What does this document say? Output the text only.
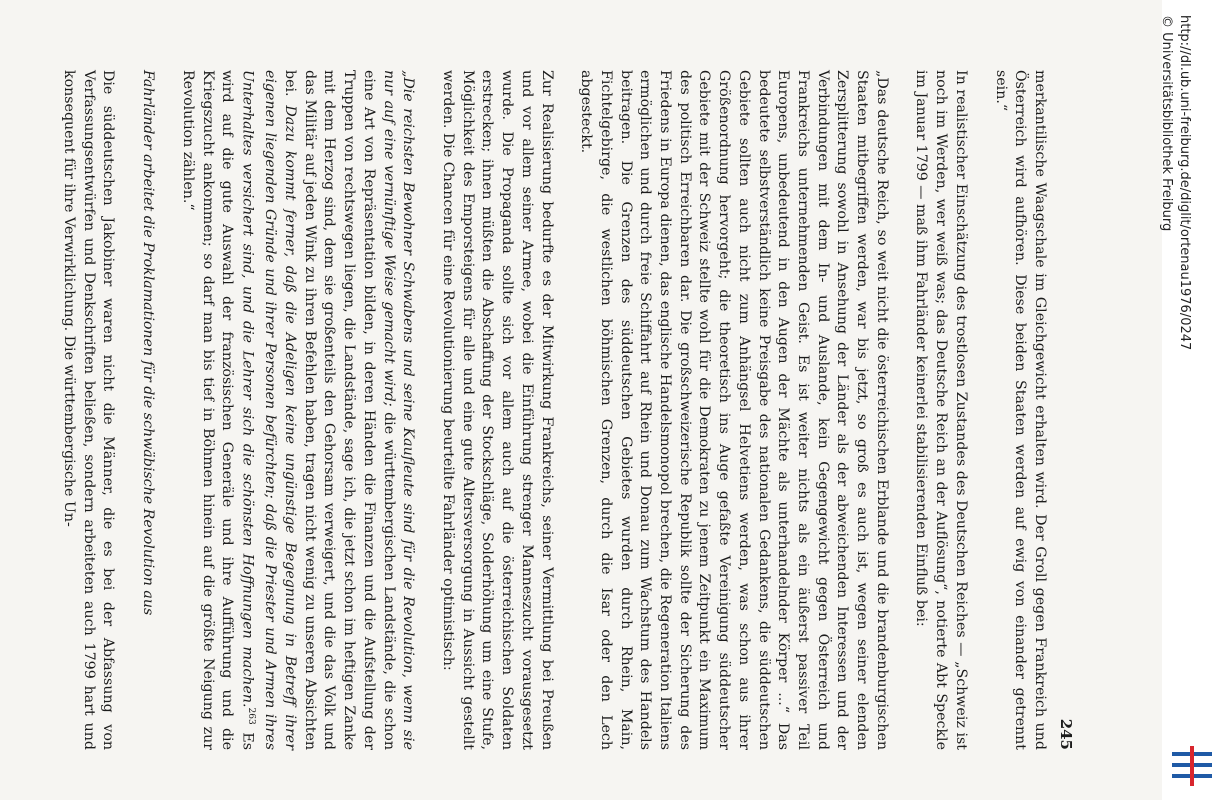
245

merkantilische Waagschale im Gleichgewicht erhalten wird. Der Groll gegen Frankreich und Österreich wird aufhören. Diese beiden Staaten werden auf ewig von einander getrennt sein.“

In realistischer Einschätzung des trostlosen Zustandes des Deutschen Reiches — „Schweiz ist noch im Werden, wer weiß was; das Deutsche Reich an der Auflösung“, notierte Abt Speckle im Januar 1799 — maß ihm Fahrländer keinerlei stabilisierenden Einfluß bei:

„Das deutsche Reich, so weit nicht die österreichischen Erblande und die brandenburgischen Staaten mitbegriffen werden, war bis jetzt, so groß es auch ist, wegen seiner elenden Zersplitterung sowohl in Ansehung der Länder als der abweichenden Interessen und der Verbindungen mit dem In- und Auslande, kein Gegengewicht gegen Österreich und Frankreichs unternehmenden Geist. Es ist weiter nichts als ein äußerst passiver Teil Europens, unbedeutend in den Augen der Mächte als unterhandelnder Körper ...“ Das bedeutete selbstverständlich keine Preisgabe des nationalen Gedankens, die süddeutschen Gebiete sollten auch nicht zum Anhängsel Helvetiens werden, was schon aus ihrer Größenordnung hervorgeht; die theoretisch ins Auge gefaßte Vereinigung süddeutscher Gebiete mit der Schweiz stellte wohl für die Demokraten zu jenem Zeitpunkt ein Maximum des politisch Erreichbaren dar. Die großschweizerische Republik sollte der Sicherung des Friedens in Europa dienen, das englische Handelsmonopol brechen, die Regeneration Italiens ermöglichen und durch freie Schiffahrt auf Rhein und Donau zum Wachstum des Handels beitragen. Die Grenzen des süddeutschen Gebietes wurden durch Rhein, Main, Fichtelgebirge, die westlichen böhmischen Grenzen, durch die Isar oder den Lech abgesteckt.

Zur Realisierung bedurfte es der Mitwirkung Frankreichs, seiner Vermittlung bei Preußen und vor allem seiner Armee, wobei die Einführung strenger Manneszucht vorausgesetzt wurde. Die Propaganda sollte sich vor allem auch auf die österreichischen Soldaten erstrecken; ihnen müßten die Abschaffung der Stockschläge, Solderhöhung um eine Stufe, Möglichkeit des Emporsteigens für alle und eine gute Altersversorgung in Aussicht gestellt werden. Die Chancen für eine Revolutionierung beurteilte Fahrländer optimistisch:

„Die reichsten Bewohner Schwabens und seine Kaufleute sind für die Revolution, wenn sie nur auf eine vernünftige Weise gemacht wird; die württembergischen Landstände, die schon eine Art von Repräsentation bilden, in deren Händen die Finanzen und die Aufstellung der Truppen von rechtswegen liegen, die Landstände, sage ich, die jetzt schon im heftigen Zanke mit dem Herzog sind, dem sie großenteils den Gehorsam verweigert, und die das Volk und das Militär auf jeden Wink zu ihren Befehlen haben, tragen nicht wenig zu unseren Absichten bei. Dazu kommt ferner, daß die Adeligen keine ungünstige Begegnung in Betreff ihrer eigenen liegenden Gründe und ihrer Personen befürchten; daß die Priester und Armen ihres Unterhaltes versichert sind, und die Lehrer sich die schönsten Hoffnungen machen.$^{263}$ Es wird auf die gute Auswahl der französischen Generäle und ihre Aufführung und die Kriegszucht ankommen; so darf man bis tief in Böhmen hinein auf die größte Neigung zur Revolution zählen.“

Fahrländer arbeitet die Proklamationen für die schwäbische Revolution aus

Die süddeutschen Jakobiner waren nicht die Männer, die es bei der Abfassung von Verfassungsentwürfen und Denkschriften beließen, sondern arbeiteten auch 1799 hart und konsequent für ihre Verwirklichung. Die württembergische Un-	http://dl.ub.uni-freiburg.de/diglit/ortenau1976/0247
© Universitätsbibliothek Freiburg
